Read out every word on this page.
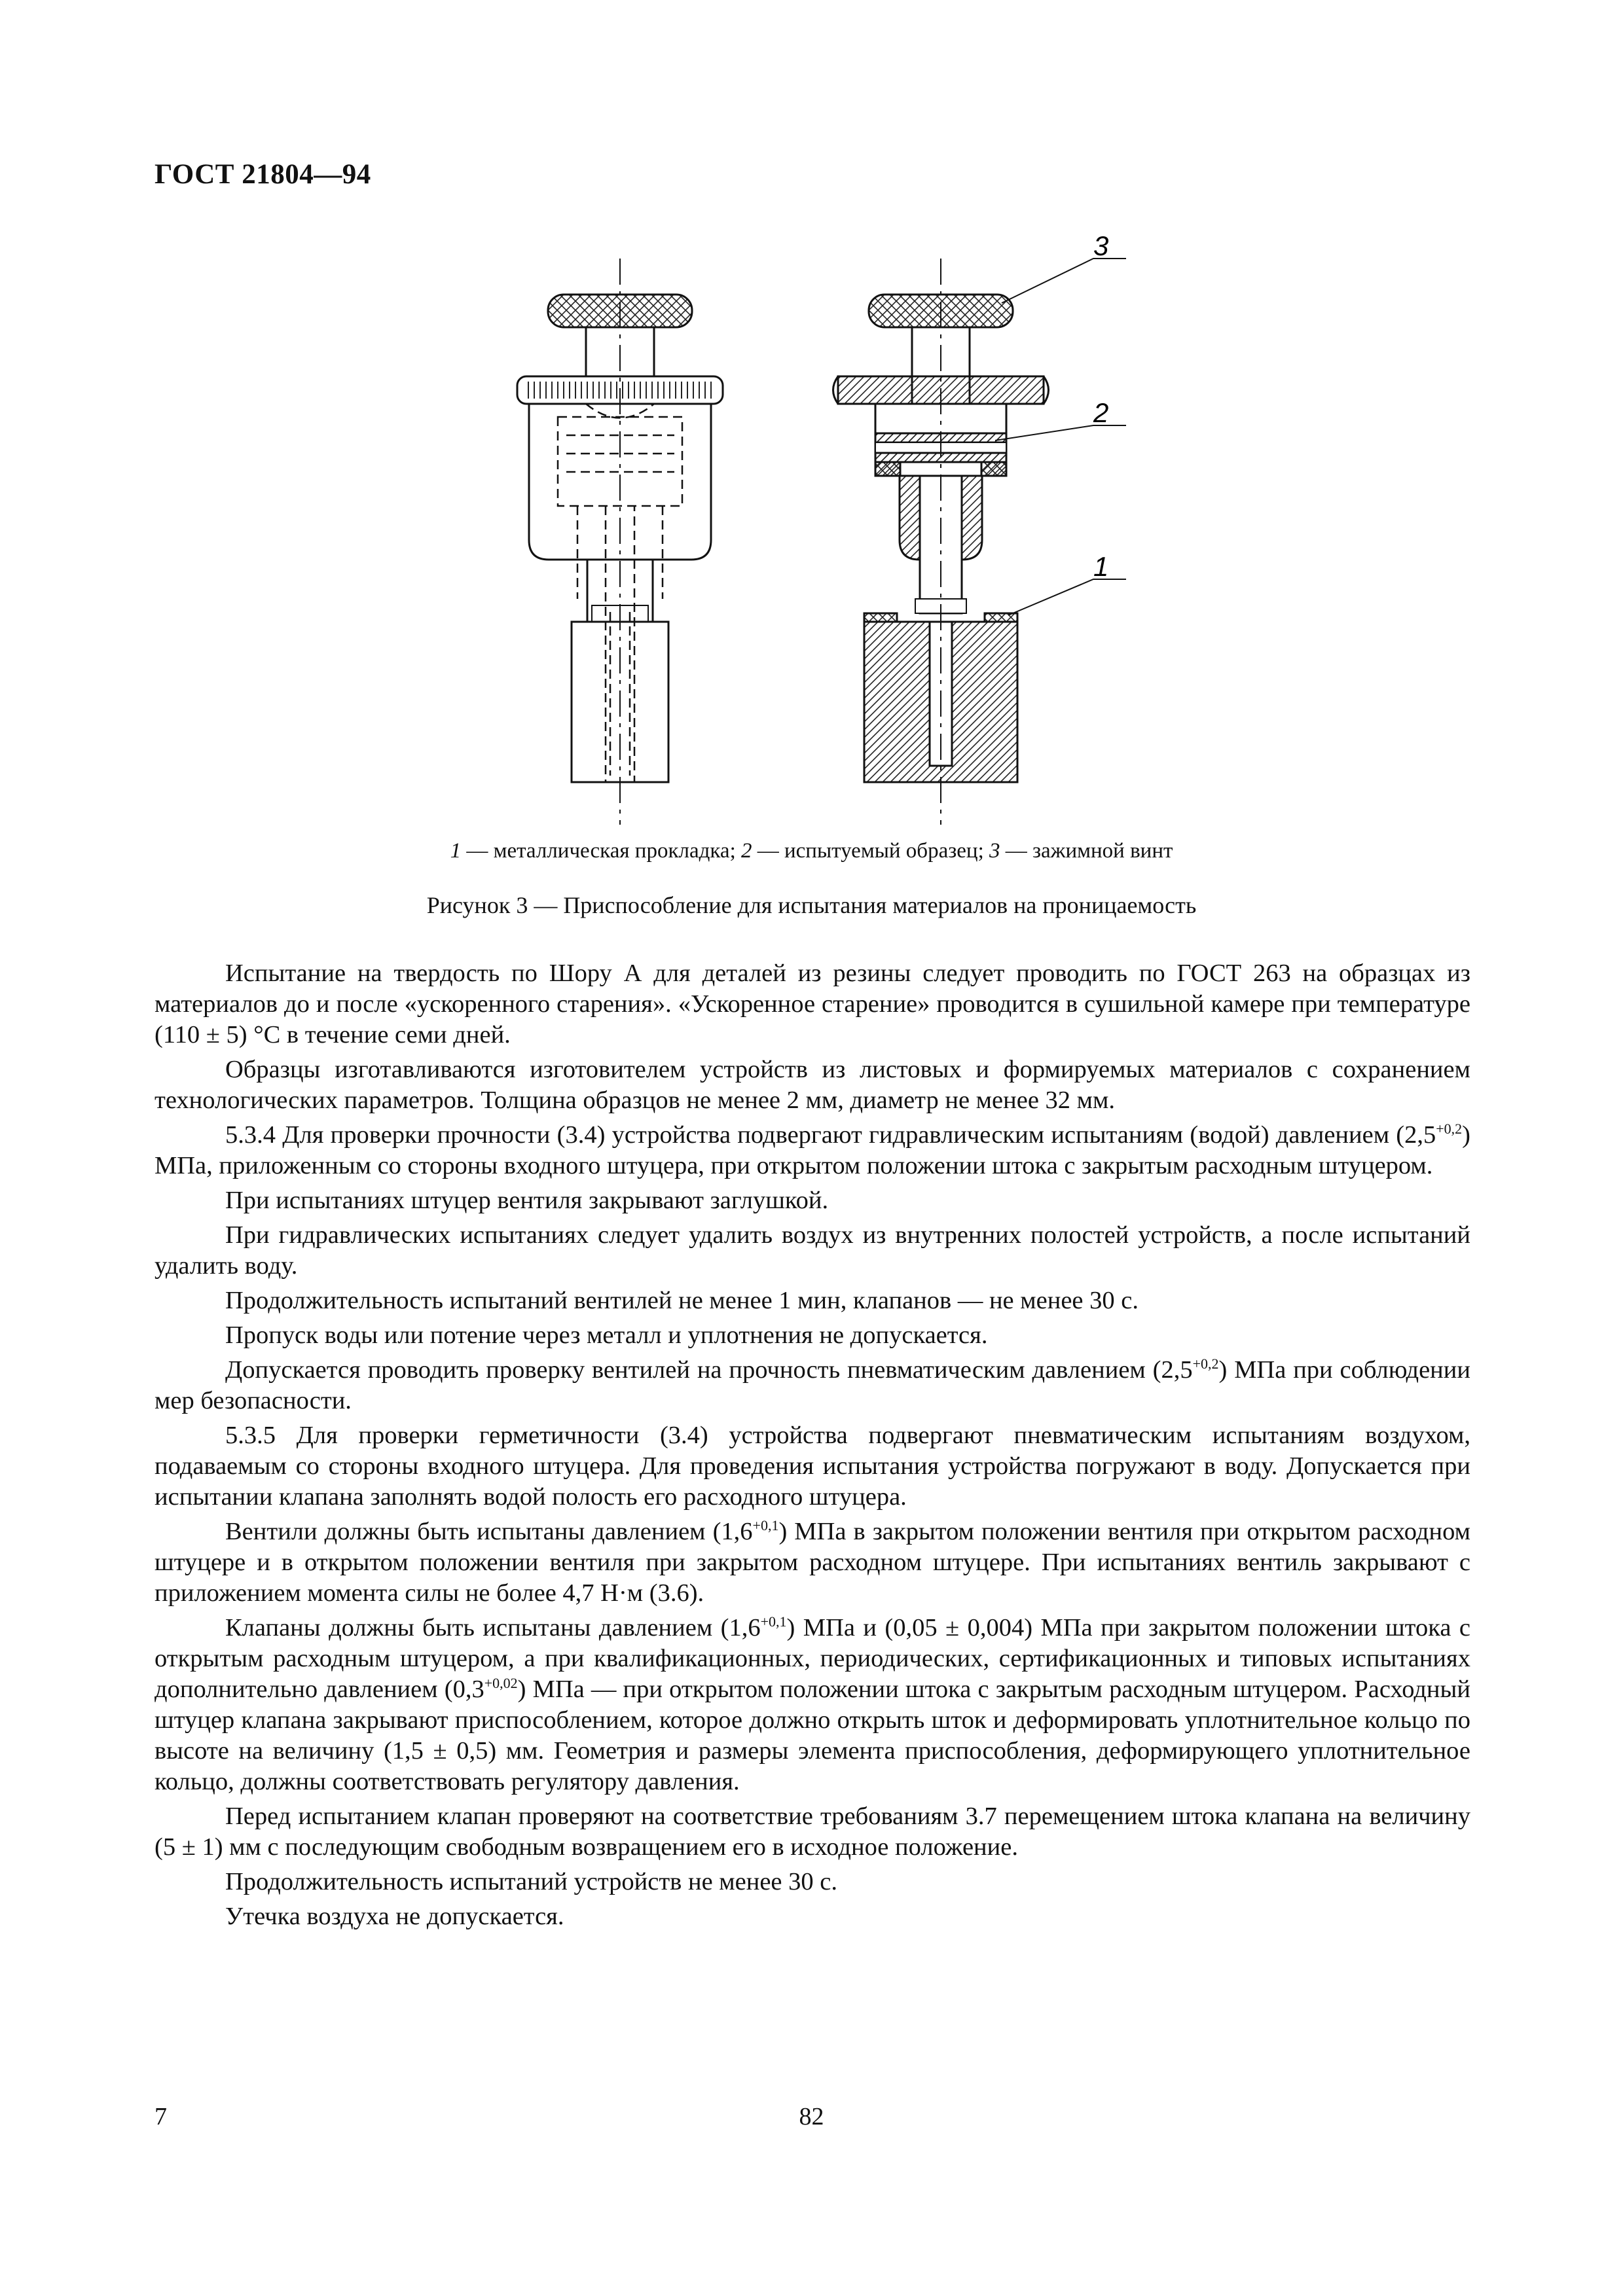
ГОСТ 21804—94
3
2
1
1 — металлическая прокладка; 2 — испытуемый образец; 3 — зажимной винт
Рисунок 3 — Приспособление для испытания материалов на проницаемость

Испытание на твердость по Шору А для деталей из резины следует проводить по ГОСТ 263 на образцах из материалов до и после «ускоренного старения». «Ускоренное старение» проводится в сушильной камере при температуре (110 ± 5) °С в течение семи дней.

Образцы изготавливаются изготовителем устройств из листовых и формируемых материалов с сохранением технологических параметров. Толщина образцов не менее 2 мм, диаметр не менее 32 мм.

5.3.4 Для проверки прочности (3.4) устройства подвергают гидравлическим испытаниям (водой) давлением $(2,5^{+0,2})$ МПа, приложенным со стороны входного штуцера, при открытом положении штока с закрытым расходным штуцером.

При испытаниях штуцер вентиля закрывают заглушкой.

При гидравлических испытаниях следует удалить воздух из внутренних полостей устройств, а после испытаний удалить воду.

Продолжительность испытаний вентилей не менее 1 мин, клапанов — не менее 30 с.

Пропуск воды или потение через металл и уплотнения не допускается.

Допускается проводить проверку вентилей на прочность пневматическим давлением $(2,5^{+0,2})$ МПа при соблюдении мер безопасности.

5.3.5 Для проверки герметичности (3.4) устройства подвергают пневматическим испытаниям воздухом, подаваемым со стороны входного штуцера. Для проведения испытания устройства погружают в воду. Допускается при испытании клапана заполнять водой полость его расходного штуцера.

Вентили должны быть испытаны давлением $(1,6^{+0,1})$ МПа в закрытом положении вентиля при открытом расходном штуцере и в открытом положении вентиля при закрытом расходном штуцере. При испытаниях вентиль закрывают с приложением момента силы не более 4,7 Н·м (3.6).

Клапаны должны быть испытаны давлением $(1,6^{+0,1})$ МПа и (0,05 ± 0,004) МПа при закрытом положении штока с открытым расходным штуцером, а при квалификационных, периодических, сертификационных и типовых испытаниях дополнительно давлением $(0,3^{+0,02})$ МПа — при открытом положении штока с закрытым расходным штуцером. Расходный штуцер клапана закрывают приспособлением, которое должно открыть шток и деформировать уплотнительное кольцо по высоте на величину (1,5 ± 0,5) мм. Геометрия и размеры элемента приспособления, деформирующего уплотнительное кольцо, должны соответствовать регулятору давления.

Перед испытанием клапан проверяют на соответствие требованиям 3.7 перемещением штока клапана на величину (5 ± 1) мм с последующим свободным возвращением его в исходное положение.

Продолжительность испытаний устройств не менее 30 с.

Утечка воздуха не допускается.

7	82
